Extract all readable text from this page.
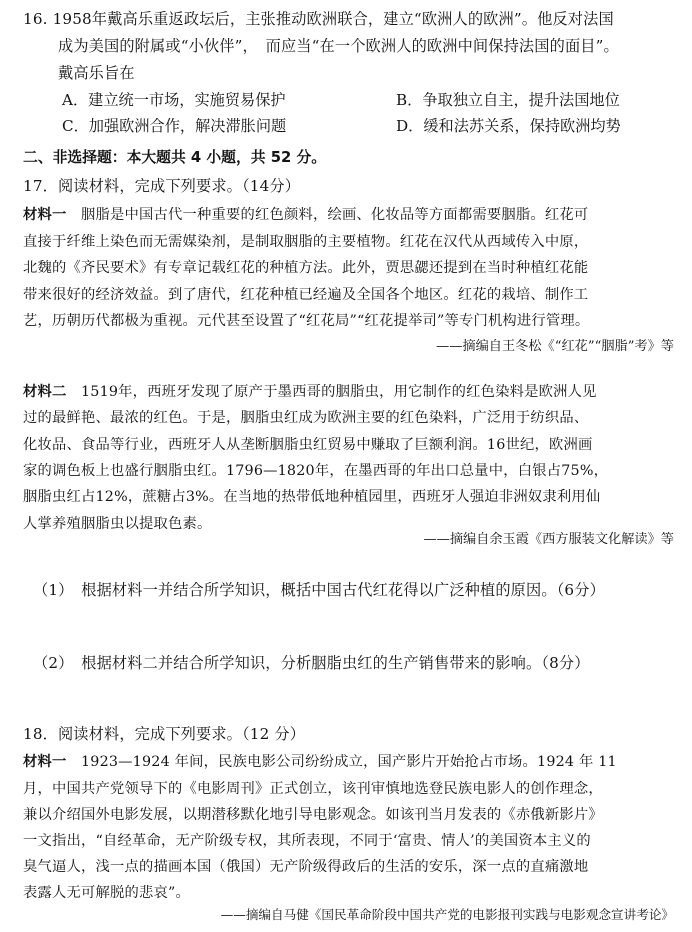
16. 1958年戴高乐重返政坛后，主张推动欧洲联合，建立“欧洲人的欧洲”。他反对法国
成为美国的附属或“小伙伴”，　而应当“在一个欧洲人的欧洲中间保持法国的面目”。
戴高乐旨在
A．建立统一市场，实施贸易保护	B．争取独立自主，提升法国地位
C．加强欧洲合作，解决滞胀问题	D．缓和法苏关系，保持欧洲均势
二、非选择题：本大题共 4 小题，共 52 分。
17．阅读材料，完成下列要求。（14分）
材料一　胭脂是中国古代一种重要的红色颜料，绘画、化妆品等方面都需要胭脂。红花可
直接于纤维上染色而无需媒染剂，是制取胭脂的主要植物。红花在汉代从西域传入中原，
北魏的《齐民要术》有专章记载红花的种植方法。此外，贾思勰还提到在当时种植红花能
带来很好的经济效益。到了唐代，红花种植已经遍及全国各个地区。红花的栽培、制作工
艺，历朝历代都极为重视。元代甚至设置了“红花局”“红花提举司”等专门机构进行管理。
——摘编自王冬松《“红花”“胭脂”考》等
材料二　1519年，西班牙发现了原产于墨西哥的胭脂虫，用它制作的红色染料是欧洲人见
过的最鲜艳、最浓的红色。于是，胭脂虫红成为欧洲主要的红色染料，广泛用于纺织品、
化妆品、食品等行业，西班牙人从垄断胭脂虫红贸易中赚取了巨额利润。16世纪，欧洲画
家的调色板上也盛行胭脂虫红。1796—1820年，在墨西哥的年出口总量中，白银占75%，
胭脂虫红占12%，蔗糖占3%。在当地的热带低地种植园里，西班牙人强迫非洲奴隶利用仙
人掌养殖胭脂虫以提取色素。
——摘编自余玉霞《西方服装文化解读》等
（1）　根据材料一并结合所学知识，概括中国古代红花得以广泛种植的原因。（6分）
（2）　根据材料二并结合所学知识，分析胭脂虫红的生产销售带来的影响。（8分）
18．阅读材料，完成下列要求。（12 分）
材料一　1923—1924 年间，民族电影公司纷纷成立，国产影片开始抢占市场。1924 年 11
月，中国共产党领导下的《电影周刊》正式创立，该刊审慎地选登民族电影人的创作理念，
兼以介绍国外电影发展，以期潜移默化地引导电影观念。如该刊当月发表的《赤俄新影片》
一文指出，“自经革命，无产阶级专权，其所表现，不同于‘富贵、情人’的美国资本主义的
臭气逼人，浅一点的描画本国（俄国）无产阶级得政后的生活的安乐，深一点的直痛激地
表露人无可解脱的悲哀”。
——摘编自马健《国民革命阶段中国共产党的电影报刊实践与电影观念宣讲考论》
